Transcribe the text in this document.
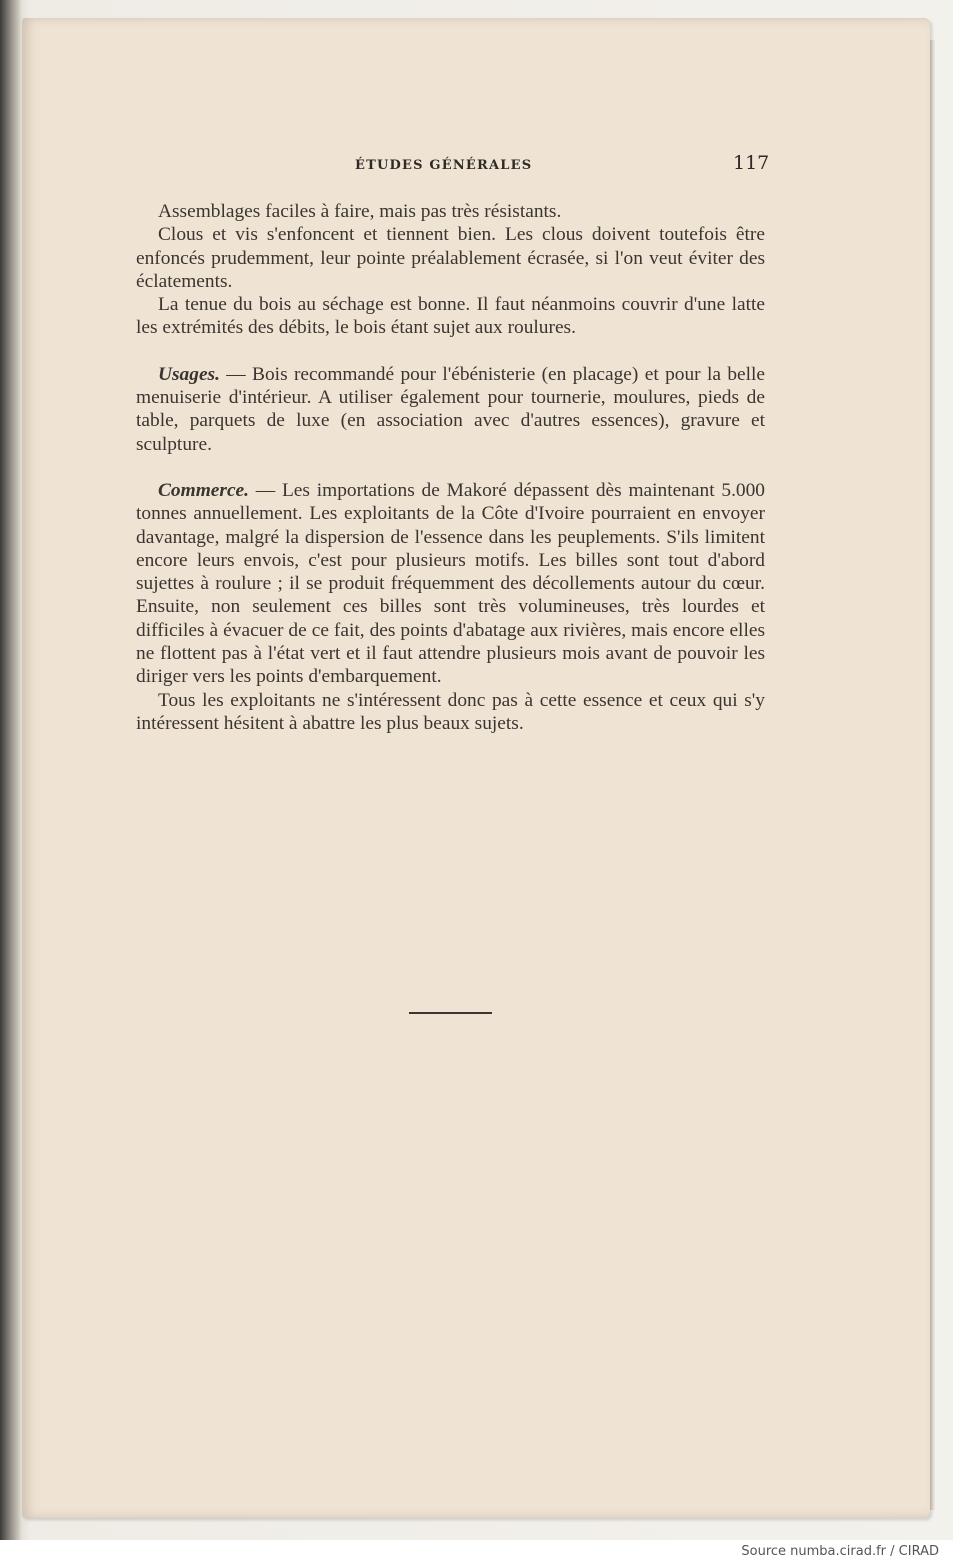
ÉTUDES GÉNÉRALES	117

Assemblages faciles à faire, mais pas très résistants.

Clous et vis s'enfoncent et tiennent bien. Les clous doivent toutefois être enfoncés prudemment, leur pointe préalablement écrasée, si l'on veut éviter des éclatements.

La tenue du bois au séchage est bonne. Il faut néanmoins couvrir d'une latte les extrémités des débits, le bois étant sujet aux roulures.

Usages. — Bois recommandé pour l'ébénisterie (en placage) et pour la belle menuiserie d'intérieur. A utiliser également pour tournerie, moulures, pieds de table, parquets de luxe (en association avec d'autres essences), gravure et sculpture.

Commerce. — Les importations de Makoré dépassent dès maintenant 5.000 tonnes annuellement. Les exploitants de la Côte d'Ivoire pourraient en envoyer davantage, malgré la dispersion de l'essence dans les peuplements. S'ils limitent encore leurs envois, c'est pour plusieurs motifs. Les billes sont tout d'abord sujettes à roulure ; il se produit fréquemment des décollements autour du cœur. Ensuite, non seulement ces billes sont très volumineuses, très lourdes et difficiles à évacuer de ce fait, des points d'abatage aux rivières, mais encore elles ne flottent pas à l'état vert et il faut attendre plusieurs mois avant de pouvoir les diriger vers les points d'embarquement.

Tous les exploitants ne s'intéressent donc pas à cette essence et ceux qui s'y intéressent hésitent à abattre les plus beaux sujets.

Source numba.cirad.fr / CIRAD
